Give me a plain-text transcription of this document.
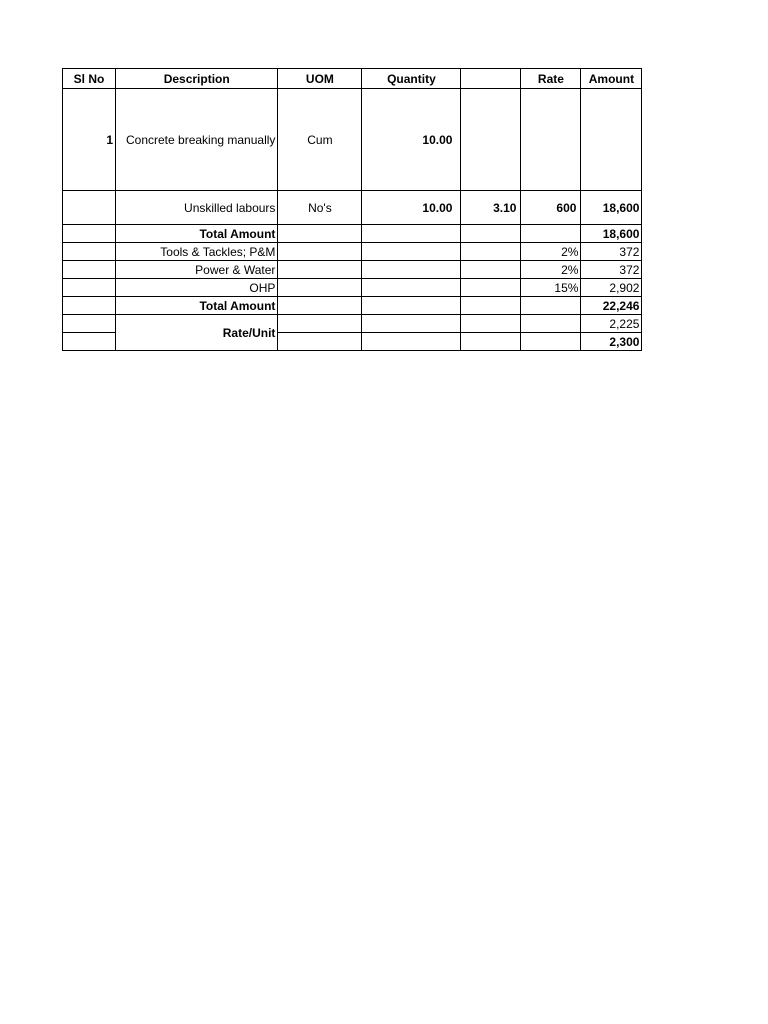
Sl No	Description	UOM	Quantity		Rate	Amount
1	Concrete breaking manually	Cum	10.00			
	Unskilled labours	No's	10.00	3.10	600	18,600
	Total Amount					18,600
	Tools & Tackles; P&M				2%	372
	Power & Water				2%	372
	OHP				15%	2,902
	Total Amount					22,246
	Rate/Unit					2,225
						2,300
